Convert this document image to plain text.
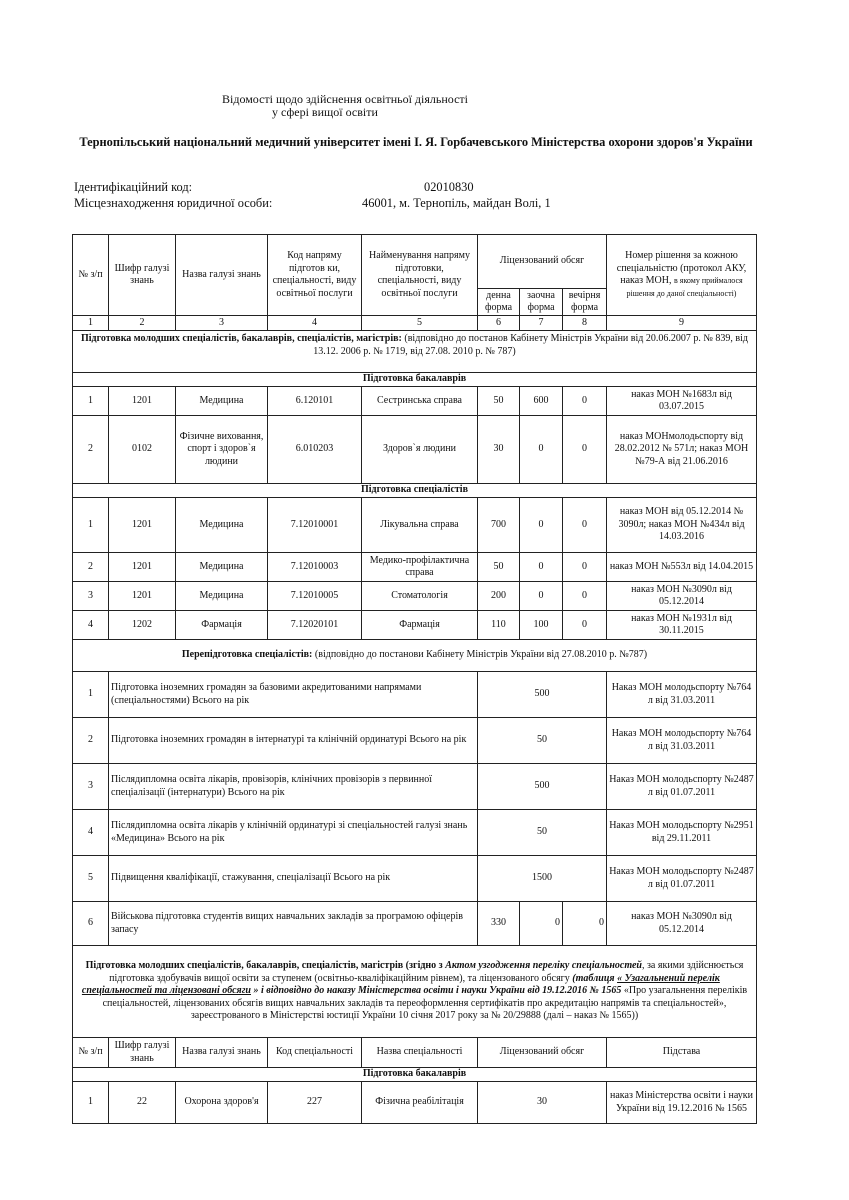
Відомості щодо здійснення освітньої діяльності
у сфері вищої освіти
Тернопільський національний медичний університет імені І. Я. Горбачевського Міністерства охорони здоров'я України
Ідентифікаційний код:	02010830
Місцезнаходження юридичної особи:	46001, м. Тернопіль, майдан Волі, 1
№ з/п	Шифр галузі знань	Назва галузі знань	Код напряму підготов ки, спеціальності, виду освітньої послуги	Найменування напряму підготовки, спеціальності, виду освітньої послуги	Ліцензований обсяг			Номер рішення за кожною спеціальністю (протокол АКУ, наказ МОН, в якому приймалося рішення до даної спеціальності)
					денна форма	заочна форма	вечірня форма	
1	2	3	4	5	6	7	8	9
Підготовка молодших спеціалістів, бакалаврів, спеціалістів, магістрів: (відповідно до постанов Кабінету Міністрів України від 20.06.2007 р. № 839, від 13.12. 2006 р. № 1719, від 27.08. 2010 р. № 787)								
Підготовка бакалаврів								
1	1201	Медицина	6.120101	Сестринська справа	50	600	0	наказ МОН №1683л від 03.07.2015
2	0102	Фізичне виховання, спорт і здоров`я людини	6.010203	Здоров`я людини	30	0	0	наказ МОНмолодьспорту від 28.02.2012 № 571л; наказ МОН №79-А від 21.06.2016
Підготовка спеціалістів								
1	1201	Медицина	7.12010001	Лікувальна справа	700	0	0	наказ МОН від 05.12.2014 № 3090л; наказ МОН №434л від 14.03.2016
2	1201	Медицина	7.12010003	Медико-профілактична справа	50	0	0	наказ МОН №553л від 14.04.2015
3	1201	Медицина	7.12010005	Стоматологія	200	0	0	наказ МОН №3090л від 05.12.2014
4	1202	Фармація	7.12020101	Фармація	110	100	0	наказ МОН №1931л від 30.11.2015
Перепідготовка спеціалістів: (відповідно до постанови Кабінету Міністрів України від 27.08.2010 р. №787)								
1	Підготовка іноземних громадян за базовими акредитованими напрямами (спеціальностями) Всього на рік				500			Наказ МОН молодьспорту №764 л від 31.03.2011
2	Підготовка іноземних громадян в інтернатурі та клінічній ординатурі Всього на рік				50			Наказ МОН молодьспорту №764 л від 31.03.2011
3	Післядипломна освіта лікарів, провізорів, клінічних провізорів з первинної спеціалізації (інтернатури) Всього на рік				500			Наказ МОН молодьспорту №2487 л від 01.07.2011
4	Післядипломна освіта лікарів у клінічній ординатурі зі спеціальностей галузі знань «Медицина» Всього на рік				50			Наказ МОН молодьспорту №2951 від 29.11.2011
5	Підвищення кваліфікації, стажування, спеціалізації Всього на рік				1500			Наказ МОН молодьспорту №2487 л від 01.07.2011
6	Військова підготовка студентів вищих навчальних закладів за програмою офіцерів запасу				330	0	0	наказ МОН №3090л від 05.12.2014
Підготовка молодших спеціалістів, бакалаврів, спеціалістів, магістрів (згідно з Актом узгодження переліку спеціальностей, за якими здійснюється підготовка здобувачів вищої освіти за ступенем (освітньо-кваліфікаційним рівнем), та ліцензованого обсягу (таблиця « Узагальнений перелік спеціальностей та ліцензовані обсяги » і відповідно до наказу Міністерства освіти і науки України від 19.12.2016 № 1565 «Про узагальнення переліків спеціальностей, ліцензованих обсягів вищих навчальних закладів та переоформлення сертифікатів про акредитацію напрямів та спеціальностей», зареєстрованого в Міністерстві юстиції України 10 січня 2017 року за № 20/29888 (далі – наказ № 1565))								
№ з/п	Шифр галузі знань	Назва галузі знань	Код спеціальності	Назва спеціальності	Ліцензований обсяг			Підстава
Підготовка бакалаврів								
1	22	Охорона здоров'я	227	Фізична реабілітація	30			наказ Міністерства освіти і науки України від 19.12.2016 № 1565
